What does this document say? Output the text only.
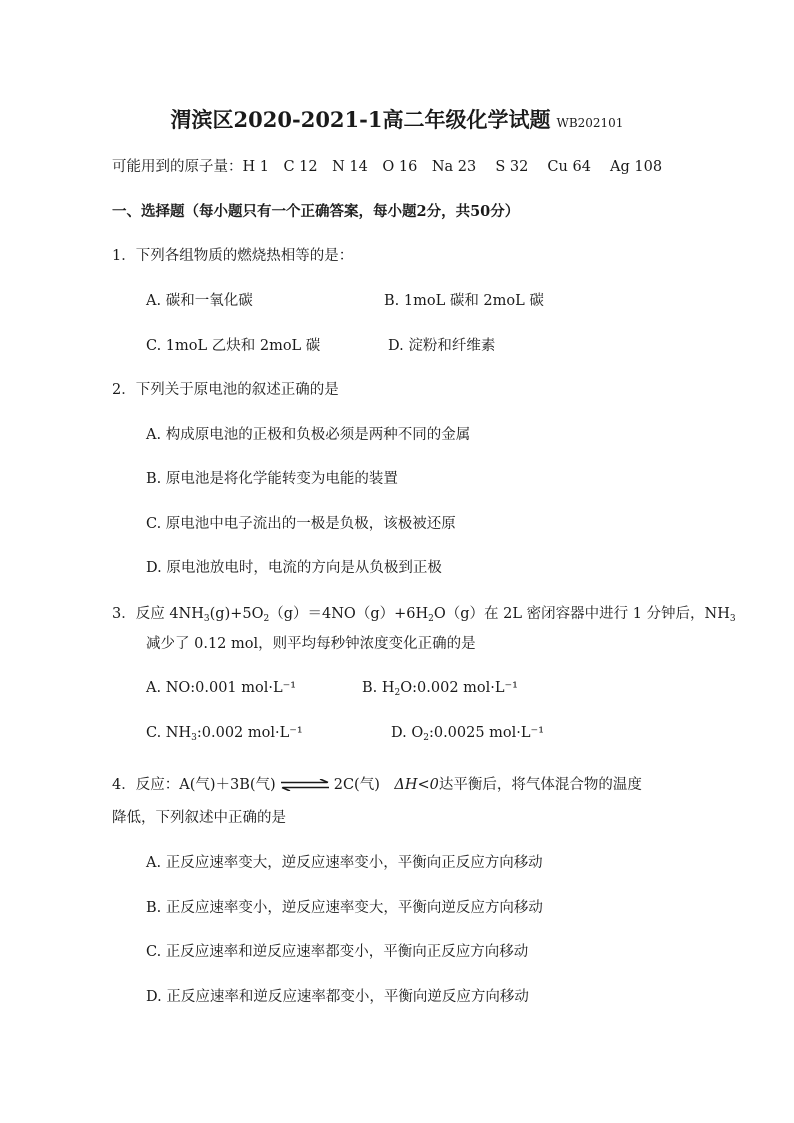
渭滨区2020-2021-1高二年级化学试题 WB202101
可能用到的原子量：H 1　C 12　N 14　O 16　Na 23　 S 32　 Cu 64　 Ag 108
一、选择题（每小题只有一个正确答案，每小题2分，共50分）
1．下列各组物质的燃烧热相等的是：
A. 碳和一氧化碳	B. 1moL 碳和 2moL 碳
C. 1moL 乙炔和 2moL 碳	D. 淀粉和纤维素
2．下列关于原电池的叙述正确的是
A. 构成原电池的正极和负极必须是两种不同的金属
B. 原电池是将化学能转变为电能的装置
C. 原电池中电子流出的一极是负极，该极被还原
D. 原电池放电时，电流的方向是从负极到正极
3．反应 $4NH_3(g)+5O_2(g)=4NO(g)+6H_2O(g)$在 2L 密闭容器中进行 1 分钟后，$NH_3$
减少了 0.12 mol，则平均每秒钟浓度变化正确的是
A. NO:0.001 mol·L⁻¹	B. $H_2O:0.002$ mol·L⁻¹
C. $NH_3:0.002$ mol·L⁻¹	D. $O_2:0.0025$ mol·L⁻¹
4．反应：A(气)＋3B(气) ⇌ 2C(气)　ΔH<0达平衡后，将气体混合物的温度
降低，下列叙述中正确的是
A. 正反应速率变大，逆反应速率变小，平衡向正反应方向移动
B. 正反应速率变小，逆反应速率变大，平衡向逆反应方向移动
C. 正反应速率和逆反应速率都变小，平衡向正反应方向移动
D. 正反应速率和逆反应速率都变小，平衡向逆反应方向移动
